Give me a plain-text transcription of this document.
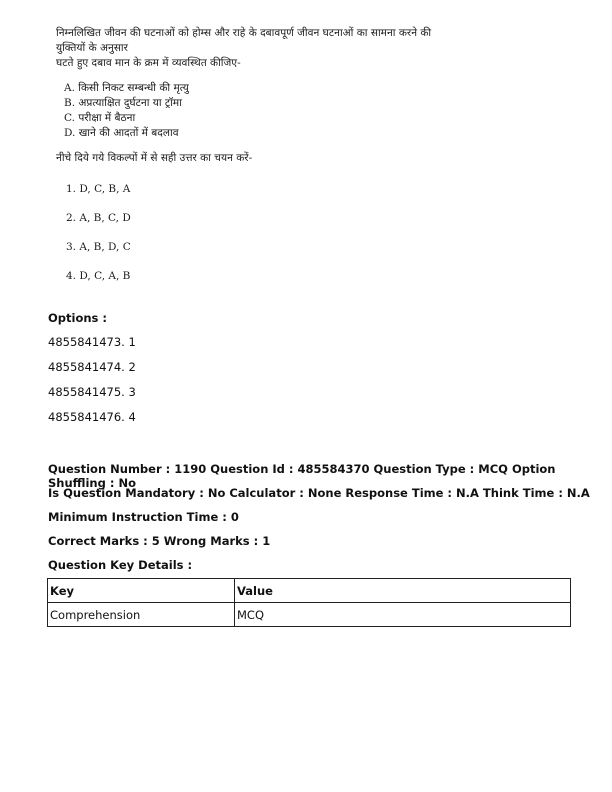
निम्नलिखित जीवन की घटनाओं को होम्स और राहे के दबावपूर्ण जीवन घटनाओं का सामना करने की युक्तियों के अनुसार
घटते हुए दबाव मान के क्रम में व्यवस्थित कीजिए-
A. किसी निकट सम्बन्धी की मृत्यु
B. अप्रत्याक्षित दुर्घटना या ट्रॉमा
C. परीक्षा में बैठना
D. खाने की आदतों में बदलाव
नीचे दिये गये विकल्पों में से सही उत्तर का चयन करें-
1. D, C, B, A
2. A, B, C, D
3. A, B, D, C
4. D, C, A, B
Options :
4855841473. 1
4855841474. 2
4855841475. 3
4855841476. 4
Question Number : 1190 Question Id : 485584370 Question Type : MCQ Option Shuffling : No
Is Question Mandatory : No Calculator : None Response Time : N.A Think Time : N.A
Minimum Instruction Time : 0
Correct Marks : 5 Wrong Marks : 1
Question Key Details :
Key	Value
Comprehension	MCQ
